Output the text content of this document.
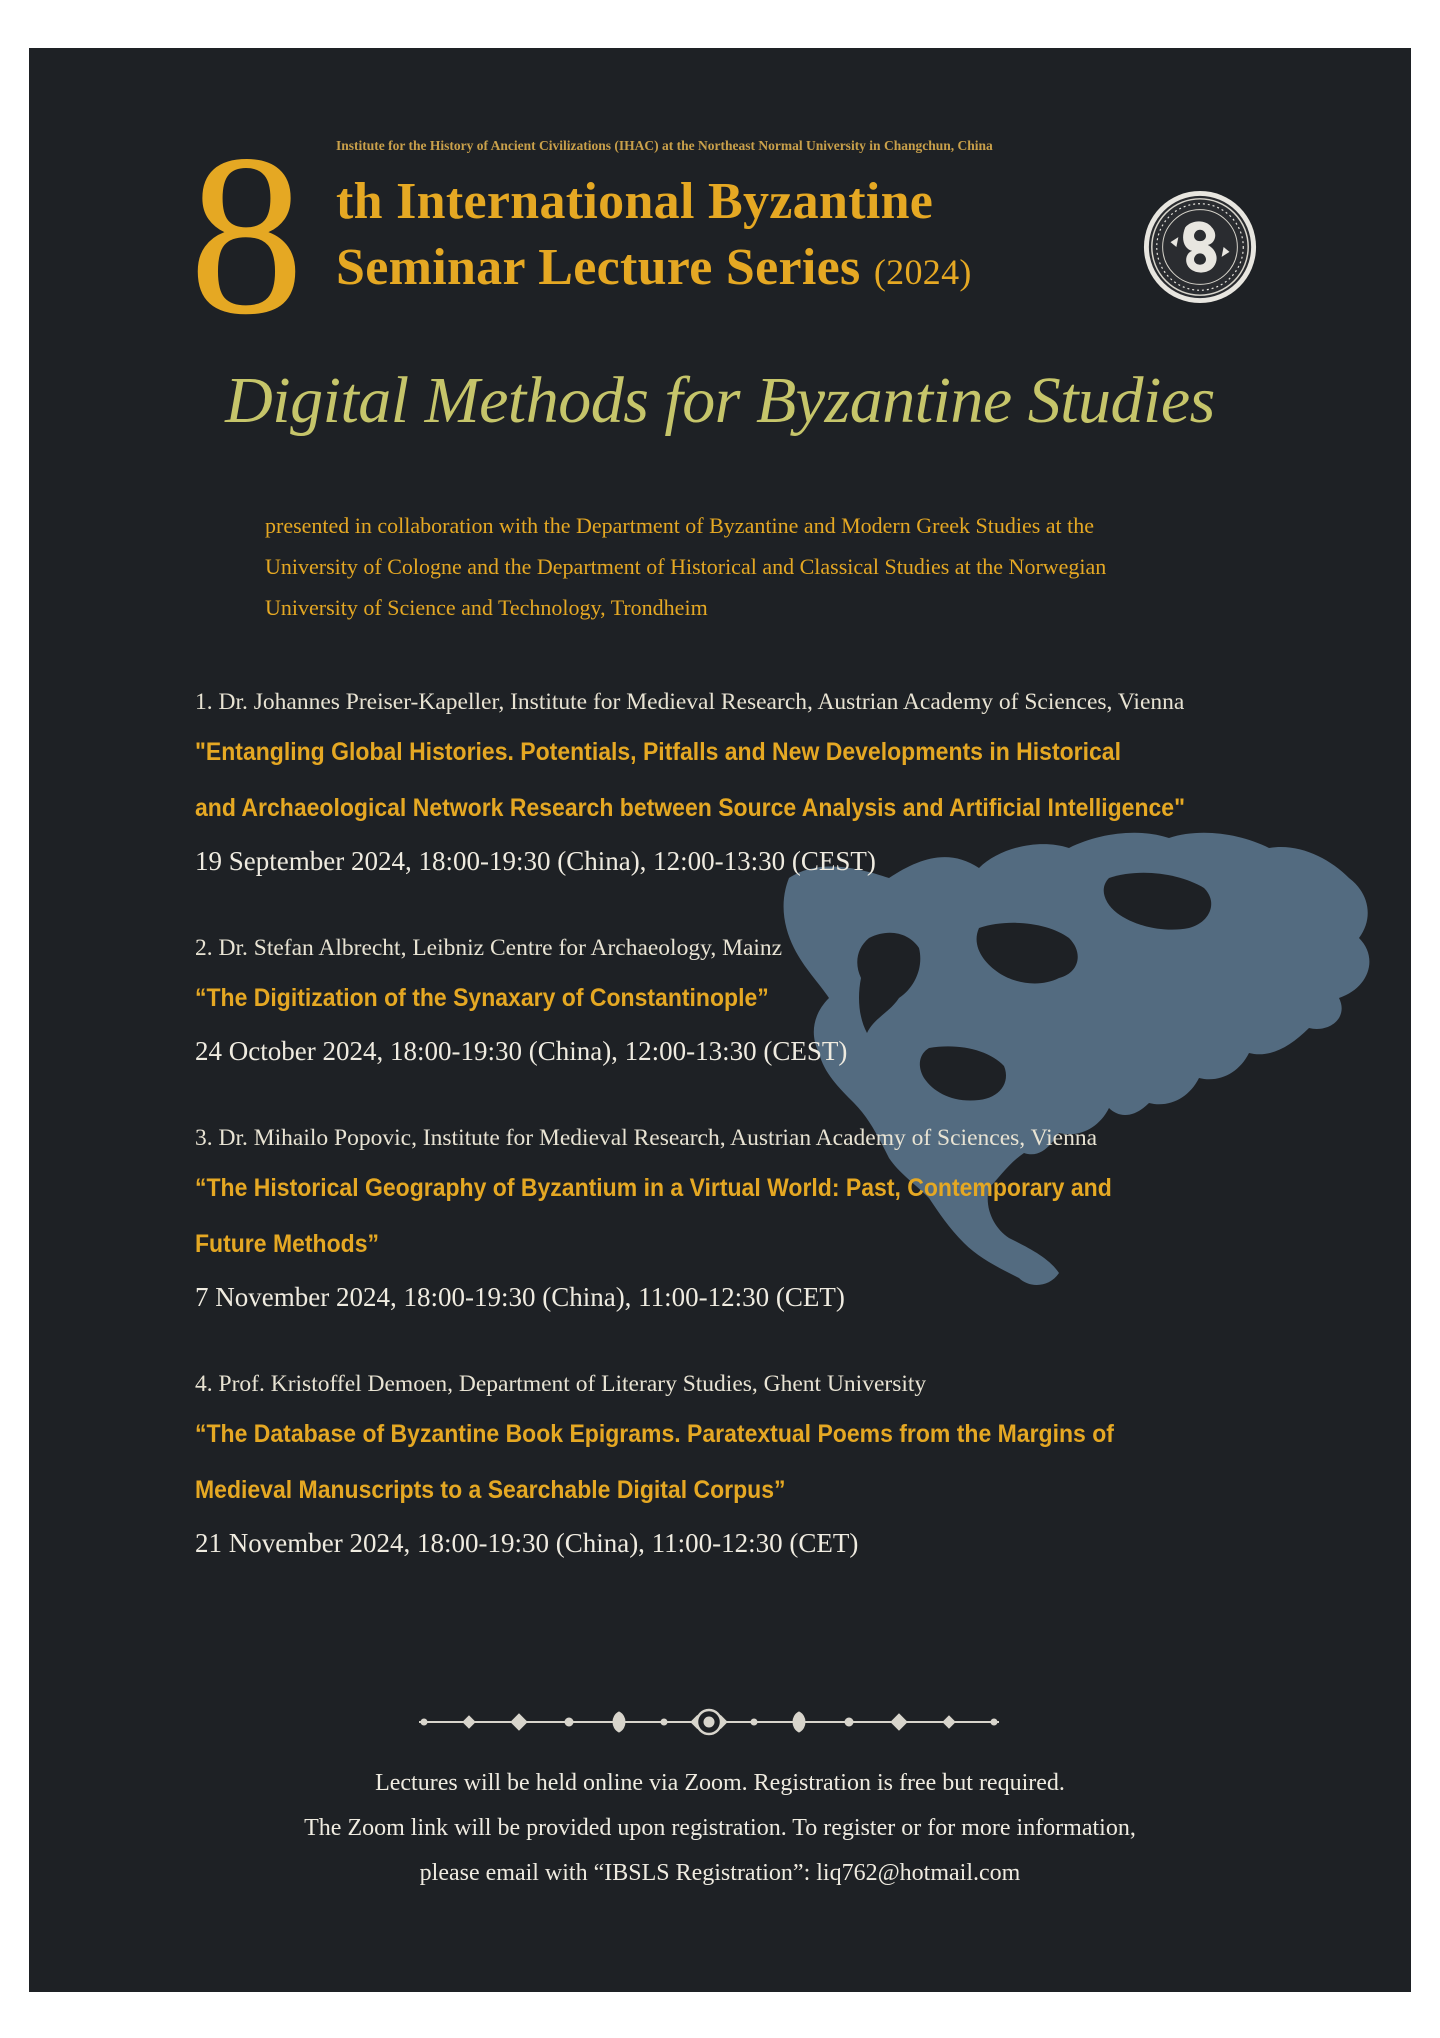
8	Institute for the History of Ancient Civilizations (IHAC) at the Northeast Normal University in Changchun, China
th International Byzantine
Seminar Lecture Series (2024)
Digital Methods for Byzantine Studies
presented in collaboration with the Department of Byzantine and Modern Greek Studies at the
University of Cologne and the Department of Historical and Classical Studies at the Norwegian
University of Science and Technology, Trondheim
1. Dr. Johannes Preiser-Kapeller, Institute for Medieval Research, Austrian Academy of Sciences, Vienna
"Entangling Global Histories. Potentials, Pitfalls and New Developments in Historical
and Archaeological Network Research between Source Analysis and Artificial Intelligence"
19 September 2024, 18:00-19:30 (China), 12:00-13:30 (CEST)
2. Dr. Stefan Albrecht, Leibniz Centre for Archaeology, Mainz
“The Digitization of the Synaxary of Constantinople”
24 October 2024, 18:00-19:30 (China), 12:00-13:30 (CEST)
3. Dr. Mihailo Popovic, Institute for Medieval Research, Austrian Academy of Sciences, Vienna
“The Historical Geography of Byzantium in a Virtual World: Past, Contemporary and
Future Methods”
7 November 2024, 18:00-19:30 (China), 11:00-12:30 (CET)
4. Prof. Kristoffel Demoen, Department of Literary Studies, Ghent University
“The Database of Byzantine Book Epigrams. Paratextual Poems from the Margins of
Medieval Manuscripts to a Searchable Digital Corpus”
21 November 2024, 18:00-19:30 (China), 11:00-12:30 (CET)
Lectures will be held online via Zoom. Registration is free but required.
The Zoom link will be provided upon registration. To register or for more information,
please email with “IBSLS Registration”: liq762@hotmail.com
